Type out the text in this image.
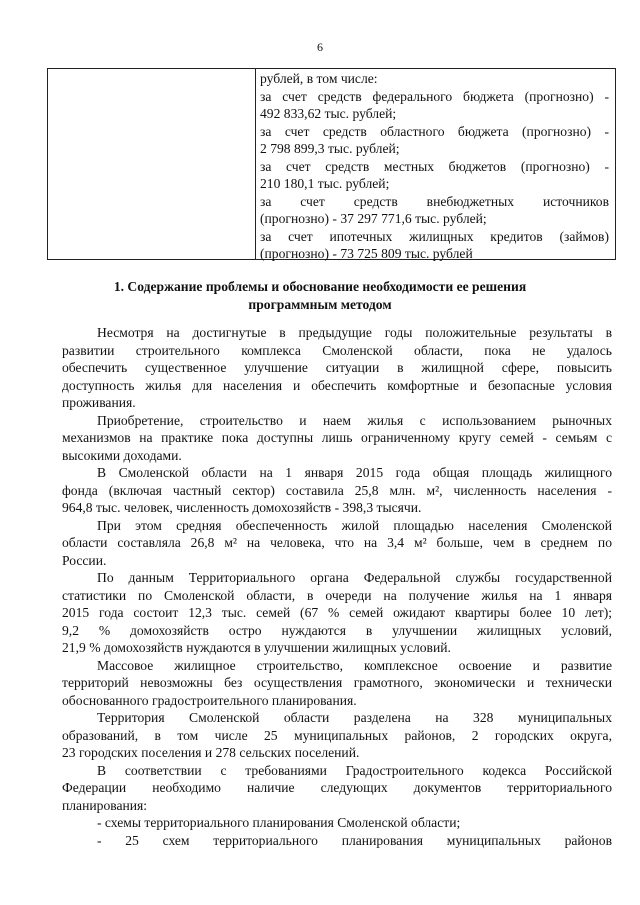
6
рублей, в том числе:
за счет средств федерального бюджета (прогнозно) -
492 833,62 тыс. рублей;
за счет средств областного бюджета (прогнозно) -
2 798 899,3 тыс. рублей;
за счет средств местных бюджетов (прогнозно) -
210 180,1 тыс. рублей;
за счет средств внебюджетных источников
(прогнозно) - 37 297 771,6 тыс. рублей;
за счет ипотечных жилищных кредитов (займов)
(прогнозно) - 73 725 809 тыс. рублей
1. Содержание проблемы и обоснование необходимости ее решения
программным методом
Несмотря на достигнутые в предыдущие годы положительные результаты в
развитии строительного комплекса Смоленской области, пока не удалось
обеспечить существенное улучшение ситуации в жилищной сфере, повысить
доступность жилья для населения и обеспечить комфортные и безопасные условия
проживания.
Приобретение, строительство и наем жилья с использованием рыночных
механизмов на практике пока доступны лишь ограниченному кругу семей - семьям с
высокими доходами.
В Смоленской области на 1 января 2015 года общая площадь жилищного
фонда (включая частный сектор) составила 25,8 млн. м², численность населения -
964,8 тыс. человек, численность домохозяйств - 398,3 тысячи.
При этом средняя обеспеченность жилой площадью населения Смоленской
области составляла 26,8 м² на человека, что на 3,4 м² больше, чем в среднем по
России.
По данным Территориального органа Федеральной службы государственной
статистики по Смоленской области, в очереди на получение жилья на 1 января
2015 года состоит 12,3 тыс. семей (67 % семей ожидают квартиры более 10 лет);
9,2 % домохозяйств остро нуждаются в улучшении жилищных условий,
21,9 % домохозяйств нуждаются в улучшении жилищных условий.
Массовое жилищное строительство, комплексное освоение и развитие
территорий невозможны без осуществления грамотного, экономически и технически
обоснованного градостроительного планирования.
Территория Смоленской области разделена на 328 муниципальных
образований, в том числе 25 муниципальных районов, 2 городских округа,
23 городских поселения и 278 сельских поселений.
В соответствии с требованиями Градостроительного кодекса Российской
Федерации необходимо наличие следующих документов территориального
планирования:
- схемы территориального планирования Смоленской области;
- 25 схем территориального планирования муниципальных районов
